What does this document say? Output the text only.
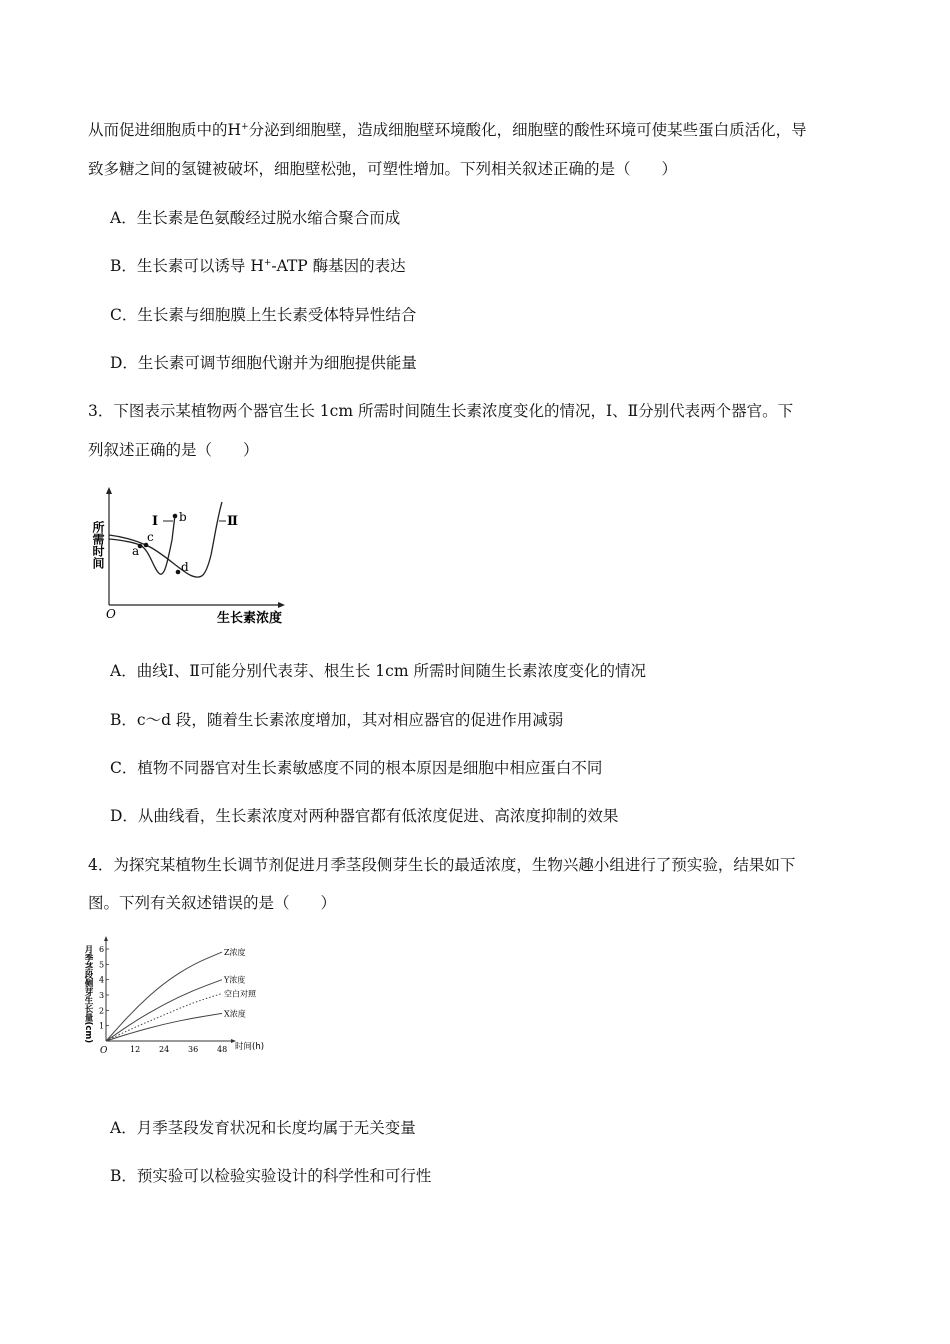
从而促进细胞质中的H+分泌到细胞壁，造成细胞壁环境酸化，细胞壁的酸性环境可使某些蛋白质活化，导
致多糖之间的氢键被破坏，细胞壁松弛，可塑性增加。下列相关叙述正确的是（　　）
A．生长素是色氨酸经过脱水缩合聚合而成
B．生长素可以诱导 H+-ATP 酶基因的表达
C．生长素与细胞膜上生长素受体特异性结合
D．生长素可调节细胞代谢并为细胞提供能量
3．下图表示某植物两个器官生长 1cm 所需时间随生长素浓度变化的情况，Ⅰ、Ⅱ分别代表两个器官。下
列叙述正确的是（　　）
所需时间
O	生长素浓度
Ⅰ	Ⅱ
a
c
b
d
A．曲线Ⅰ、Ⅱ可能分别代表芽、根生长 1cm 所需时间随生长素浓度变化的情况
B．c～d 段，随着生长素浓度增加，其对相应器官的促进作用减弱
C．植物不同器官对生长素敏感度不同的根本原因是细胞中相应蛋白不同
D．从曲线看，生长素浓度对两种器官都有低浓度促进、高浓度抑制的效果
4．为探究某植物生长调节剂促进月季茎段侧芽生长的最适浓度，生物兴趣小组进行了预实验，结果如下
图。下列有关叙述错误的是（　　）
月季茎段侧芽生长量(cm)
O	时间(h)
12 24 36 48
1
2
3
4
5
6	Z浓度
Y浓度
空白对照
X浓度
A．月季茎段发育状况和长度均属于无关变量
B．预实验可以检验实验设计的科学性和可行性
